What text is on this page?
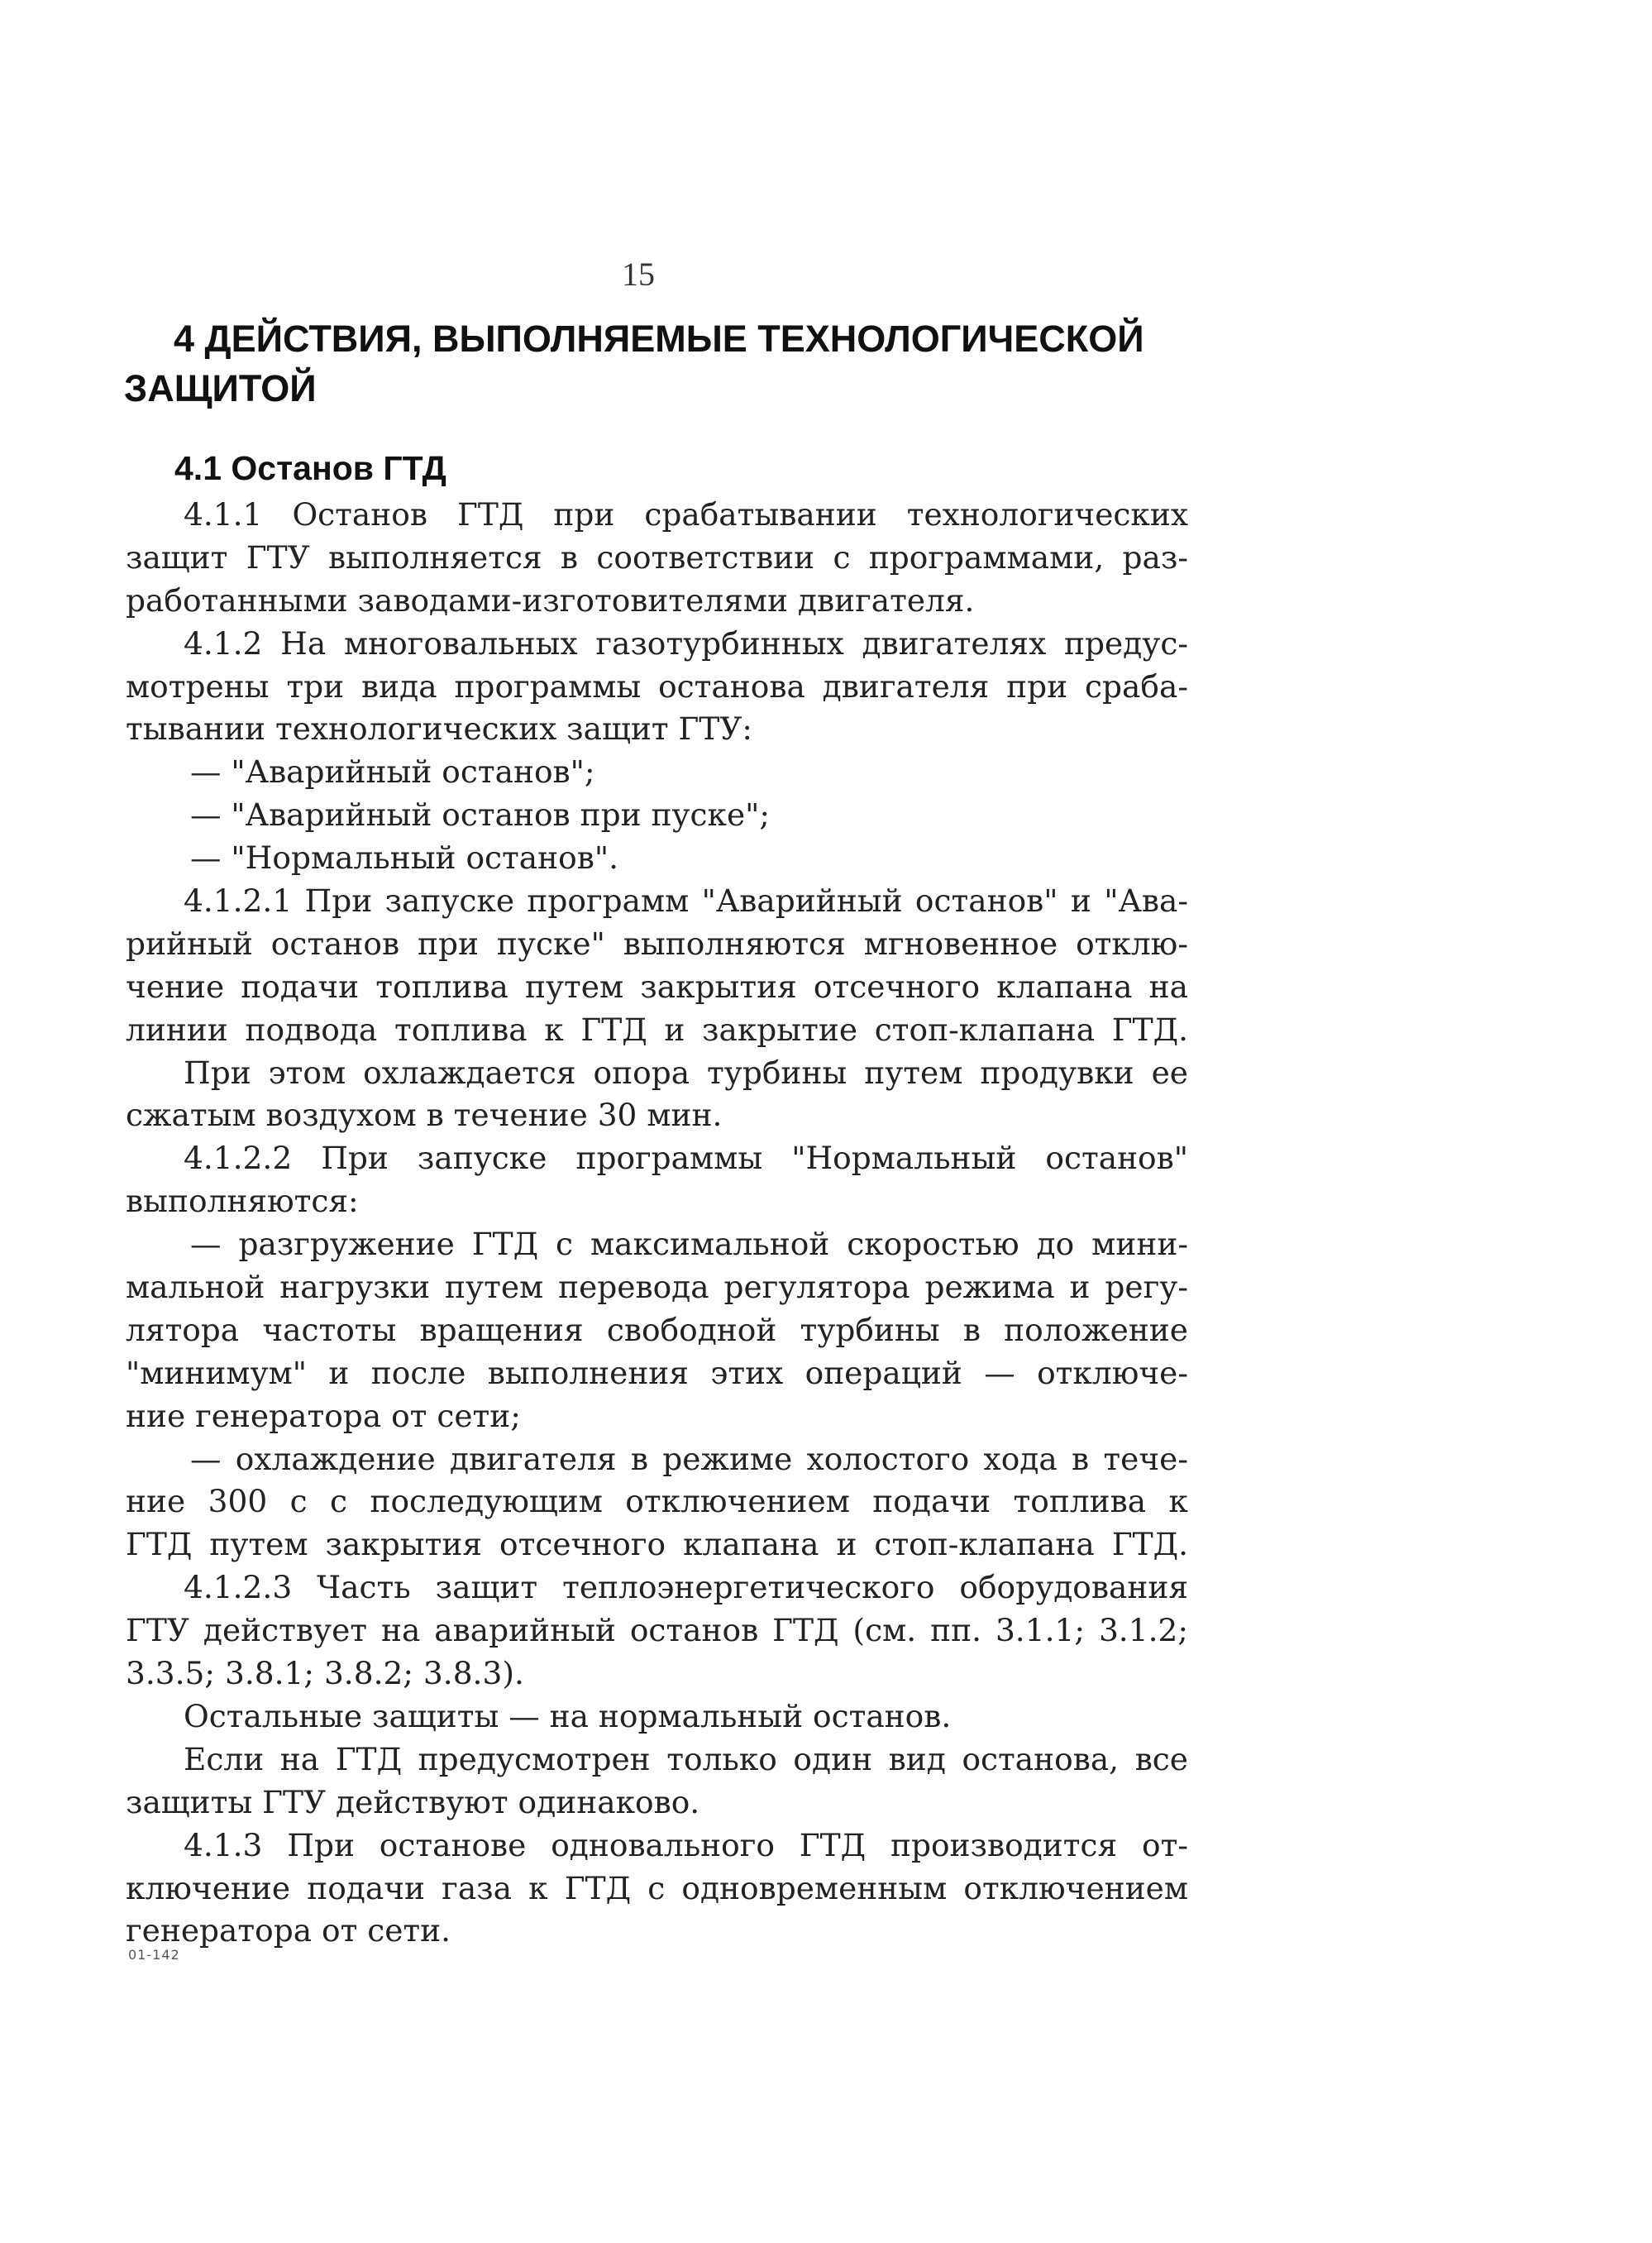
15
4 ДЕЙСТВИЯ, ВЫПОЛНЯЕМЫЕ ТЕХНОЛОГИЧЕСКОЙ
ЗАЩИТОЙ
4.1 Останов ГТД
4.1.1 Останов ГТД при срабатывании технологических
защит ГТУ выполняется в соответствии с программами, раз-
работанными заводами-изготовителями двигателя.
4.1.2 На многовальных газотурбинных двигателях предус-
мотрены три вида программы останова двигателя при сраба-
тывании технологических защит ГТУ:
— "Аварийный останов";
— "Аварийный останов при пуске";
— "Нормальный останов".
4.1.2.1 При запуске программ "Аварийный останов" и "Ава-
рийный останов при пуске" выполняются мгновенное отклю-
чение подачи топлива путем закрытия отсечного клапана на
линии подвода топлива к ГТД и закрытие стоп-клапана ГТД.
При этом охлаждается опора турбины путем продувки ее
сжатым воздухом в течение 30 мин.
4.1.2.2 При запуске программы "Нормальный останов"
выполняются:
— разгружение ГТД с максимальной скоростью до мини-
мальной нагрузки путем перевода регулятора режима и регу-
лятора частоты вращения свободной турбины в положение
"минимум" и после выполнения этих операций — отключе-
ние генератора от сети;
— охлаждение двигателя в режиме холостого хода в тече-
ние 300 с с последующим отключением подачи топлива к
ГТД путем закрытия отсечного клапана и стоп-клапана ГТД.
4.1.2.3 Часть защит теплоэнергетического оборудования
ГТУ действует на аварийный останов ГТД (см. пп. 3.1.1; 3.1.2;
3.3.5; 3.8.1; 3.8.2; 3.8.3).
Остальные защиты — на нормальный останов.
Если на ГТД предусмотрен только один вид останова, все
защиты ГТУ действуют одинаково.
4.1.3 При останове одновального ГТД производится от-
ключение подачи газа к ГТД с одновременным отключением
генератора от сети.
01-142
